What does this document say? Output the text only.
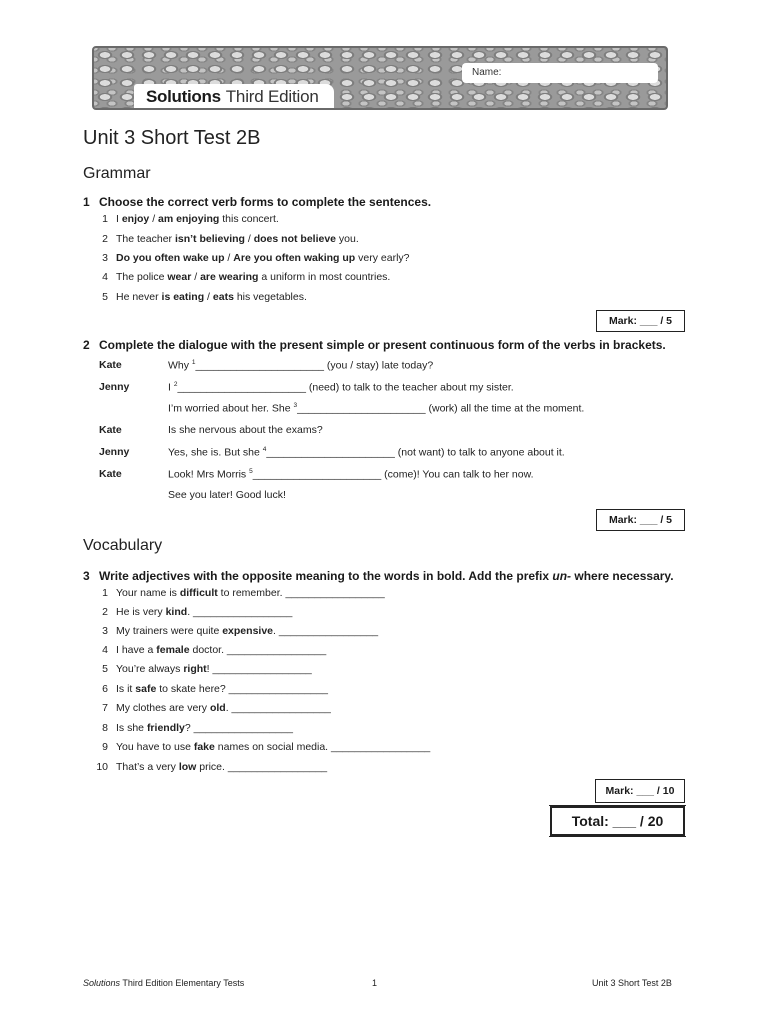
Solutions Third Edition
Name:
Unit 3 Short Test 2B
Grammar
1 Choose the correct verb forms to complete the sentences.
1 I enjoy / am enjoying this concert.
2 The teacher isn’t believing / does not believe you.
3 Do you often wake up / Are you often waking up very early?
4 The police wear / are wearing a uniform in most countries.
5 He never is eating / eats his vegetables.
Mark: ___ / 5
2 Complete the dialogue with the present simple or present continuous form of the verbs in brackets.
Kate	Why $^1$______________________ (you / stay) late today?
Jenny	I $^2$______________________ (need) to talk to the teacher about my sister.
I’m worried about her. She $^3$______________________ (work) all the time at the moment.
Kate	Is she nervous about the exams?
Jenny	Yes, she is. But she $^4$______________________ (not want) to talk to anyone about it.
Kate	Look! Mrs Morris $^5$______________________ (come)! You can talk to her now.
See you later! Good luck!
Mark: ___ / 5
Vocabulary
3 Write adjectives with the opposite meaning to the words in bold. Add the prefix un- where necessary.
1 Your name is difficult to remember. _________________
2 He is very kind. _________________
3 My trainers were quite expensive. _________________
4 I have a female doctor. _________________
5 You’re always right! _________________
6 Is it safe to skate here? _________________
7 My clothes are very old. _________________
8 Is she friendly? _________________
9 You have to use fake names on social media. _________________
10 That’s a very low price. _________________
Mark: ___ / 10
Total: ___ / 20
Solutions Third Edition Elementary Tests	1	Unit 3 Short Test 2B
